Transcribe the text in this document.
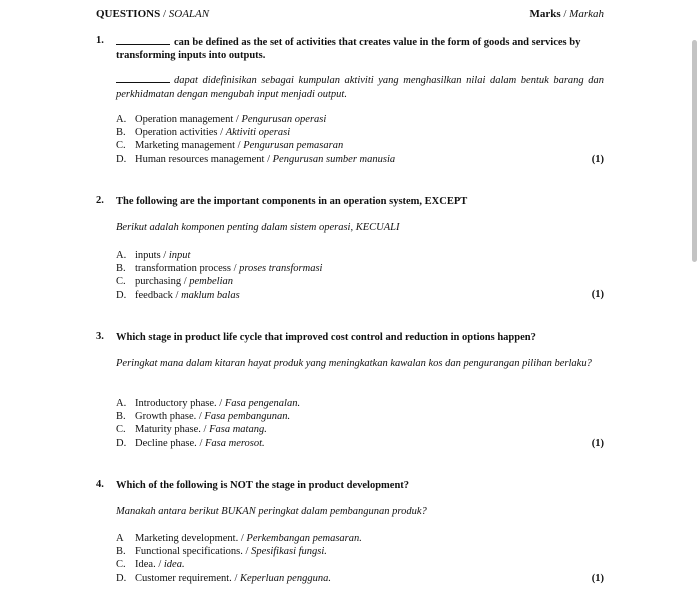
QUESTIONS / SOALAN	Marks / Markah
1.	can be defined as the set of activities that creates value in the form of goods and services by transforming inputs into outputs.
dapat didefinisikan sebagai kumpulan aktiviti yang menghasilkan nilai dalam bentuk barang dan perkhidmatan dengan mengubah input menjadi output.
A. Operation management / Pengurusan operasi
B. Operation activities / Aktiviti operasi
C. Marketing management / Pengurusan pemasaran
D. Human resources management / Pengurusan sumber manusia	(1)
2. The following are the important components in an operation system, EXCEPT
Berikut adalah komponen penting dalam sistem operasi, KECUALI
A. inputs / input
B. transformation process / proses transformasi
C. purchasing / pembelian
D. feedback / maklum balas	(1)
3. Which stage in product life cycle that improved cost control and reduction in options happen?
Peringkat mana dalam kitaran hayat produk yang meningkatkan kawalan kos dan pengurangan pilihan berlaku?
A. Introductory phase. / Fasa pengenalan.
B. Growth phase. / Fasa pembangunan.
C. Maturity phase. / Fasa matang.
D. Decline phase. / Fasa merosot.	(1)
4. Which of the following is NOT the stage in product development?
Manakah antara berikut BUKAN peringkat dalam pembangunan produk?
A	Marketing development. / Perkembangan pemasaran.
B. Functional specifications. / Spesifikasi fungsi.
C. Idea. / idea.
D. Customer requirement. / Keperluan pengguna.	(1)
